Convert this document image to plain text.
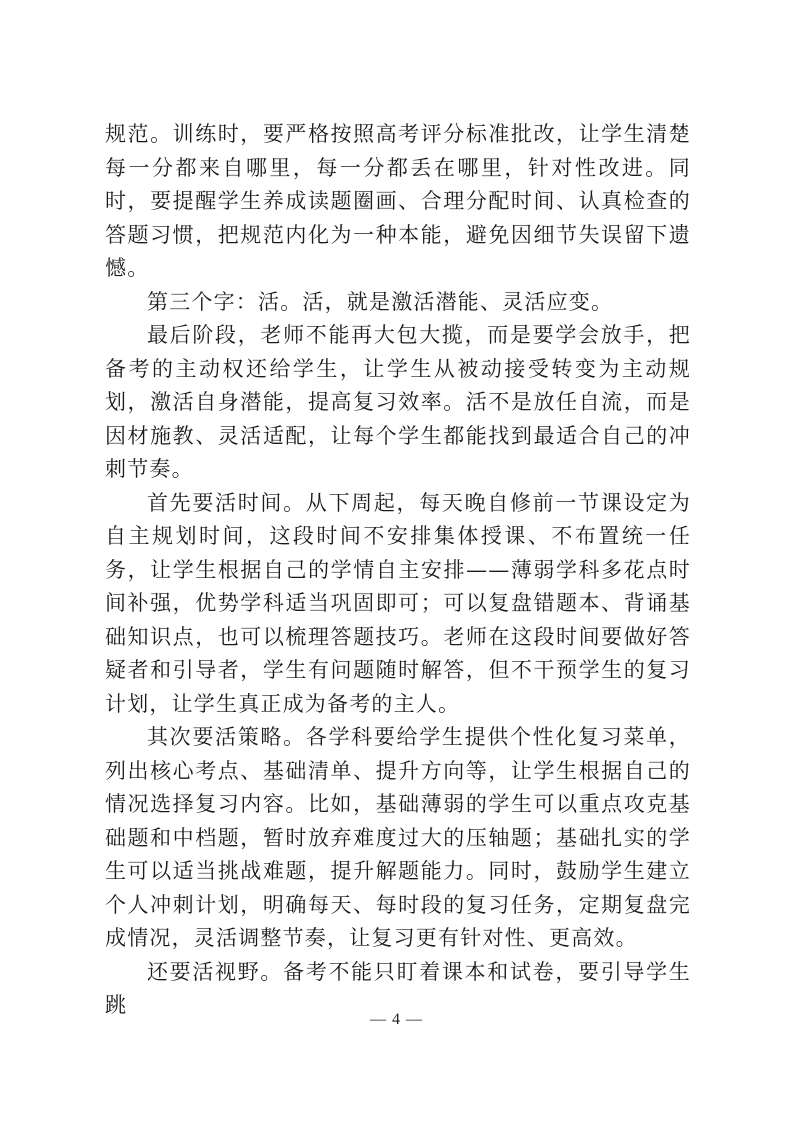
规范。训练时，要严格按照高考评分标准批改，让学生清楚每一分都来自哪里，每一分都丢在哪里，针对性改进。同时，要提醒学生养成读题圈画、合理分配时间、认真检查的答题习惯，把规范内化为一种本能，避免因细节失误留下遗憾。

第三个字：活。活，就是激活潜能、灵活应变。

最后阶段，老师不能再大包大揽，而是要学会放手，把备考的主动权还给学生，让学生从被动接受转变为主动规划，激活自身潜能，提高复习效率。活不是放任自流，而是因材施教、灵活适配，让每个学生都能找到最适合自己的冲刺节奏。

首先要活时间。从下周起，每天晚自修前一节课设定为自主规划时间，这段时间不安排集体授课、不布置统一任务，让学生根据自己的学情自主安排——薄弱学科多花点时间补强，优势学科适当巩固即可；可以复盘错题本、背诵基础知识点，也可以梳理答题技巧。老师在这段时间要做好答疑者和引导者，学生有问题随时解答，但不干预学生的复习计划，让学生真正成为备考的主人。

其次要活策略。各学科要给学生提供个性化复习菜单，列出核心考点、基础清单、提升方向等，让学生根据自己的情况选择复习内容。比如，基础薄弱的学生可以重点攻克基础题和中档题，暂时放弃难度过大的压轴题；基础扎实的学生可以适当挑战难题，提升解题能力。同时，鼓励学生建立个人冲刺计划，明确每天、每时段的复习任务，定期复盘完成情况，灵活调整节奏，让复习更有针对性、更高效。

还要活视野。备考不能只盯着课本和试卷，要引导学生跳

— 4 —
